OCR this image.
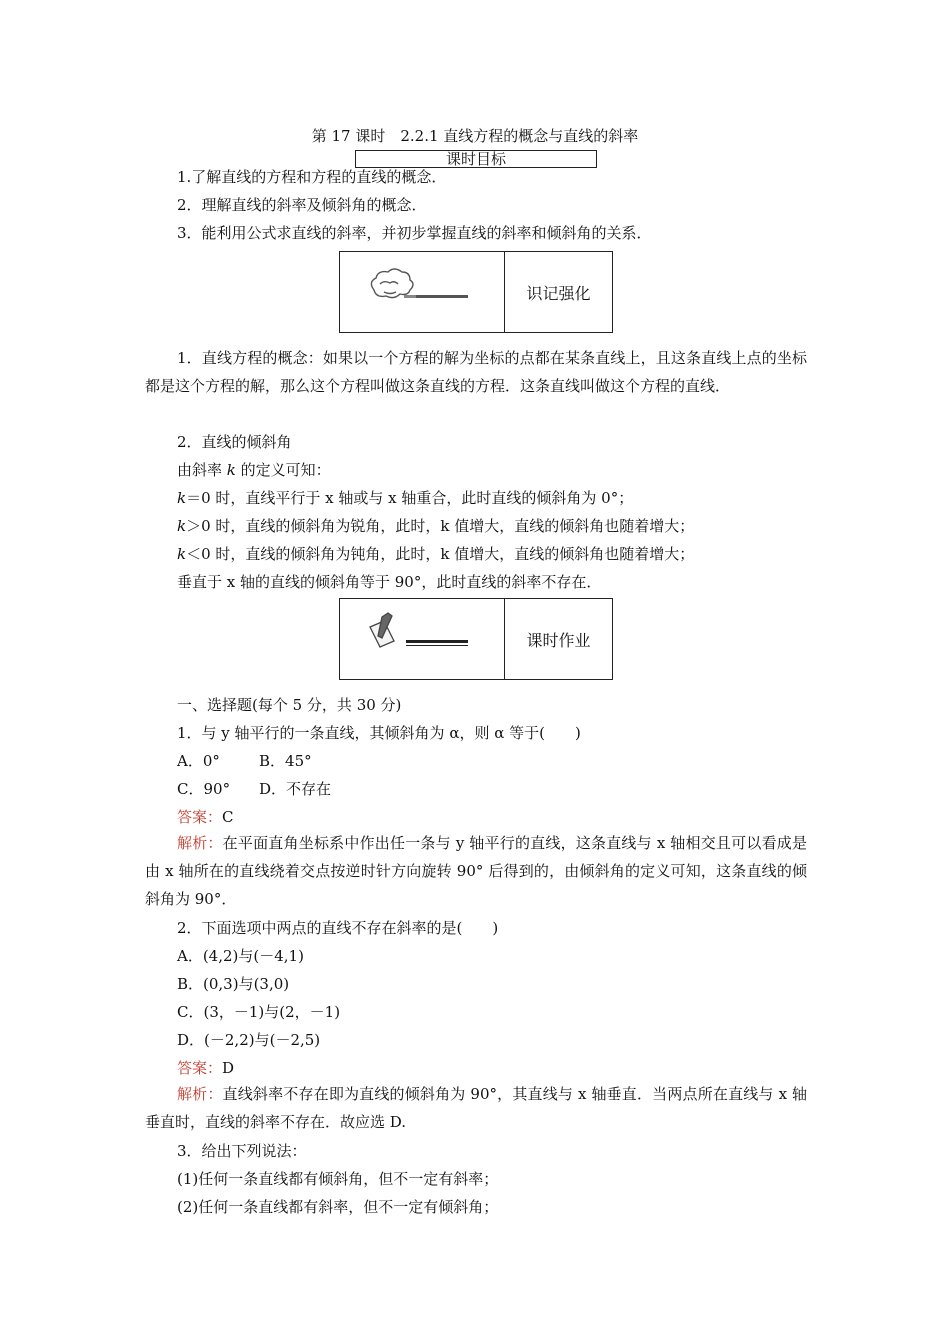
第 17 课时　2.2.1 直线方程的概念与直线的斜率
课时目标
1.了解直线的方程和方程的直线的概念．
2．理解直线的斜率及倾斜角的概念．
3．能利用公式求直线的斜率，并初步掌握直线的斜率和倾斜角的关系．
识记强化
1．直线方程的概念：如果以一个方程的解为坐标的点都在某条直线上，且这条直线上点的坐标都是这个方程的解，那么这个方程叫做这条直线的方程．这条直线叫做这个方程的直线．
2．直线的倾斜角
由斜率 k 的定义可知：
k＝0 时，直线平行于 x 轴或与 x 轴重合，此时直线的倾斜角为 0°；
k＞0 时，直线的倾斜角为锐角，此时，k 值增大，直线的倾斜角也随着增大；
k＜0 时，直线的倾斜角为钝角，此时，k 值增大，直线的倾斜角也随着增大；
垂直于 x 轴的直线的倾斜角等于 90°，此时直线的斜率不存在．
课时作业
一、选择题(每个 5 分，共 30 分)
1．与 y 轴平行的一条直线，其倾斜角为 α，则 α 等于(　　)
A．0°	B．45°
C．90° D．不存在
答案：C
解析：在平面直角坐标系中作出任一条与 y 轴平行的直线，这条直线与 x 轴相交且可以看成是由 x 轴所在的直线绕着交点按逆时针方向旋转 90° 后得到的，由倾斜角的定义可知，这条直线的倾斜角为 90°．
2．下面选项中两点的直线不存在斜率的是(　　)
A．(4,2)与(－4,1)
B．(0,3)与(3,0)
C．(3，－1)与(2，－1)
D．(－2,2)与(－2,5)
答案：D
解析：直线斜率不存在即为直线的倾斜角为 90°，其直线与 x 轴垂直．当两点所在直线与 x 轴垂直时，直线的斜率不存在．故应选 D.
3．给出下列说法：
(1)任何一条直线都有倾斜角，但不一定有斜率；
(2)任何一条直线都有斜率，但不一定有倾斜角；
